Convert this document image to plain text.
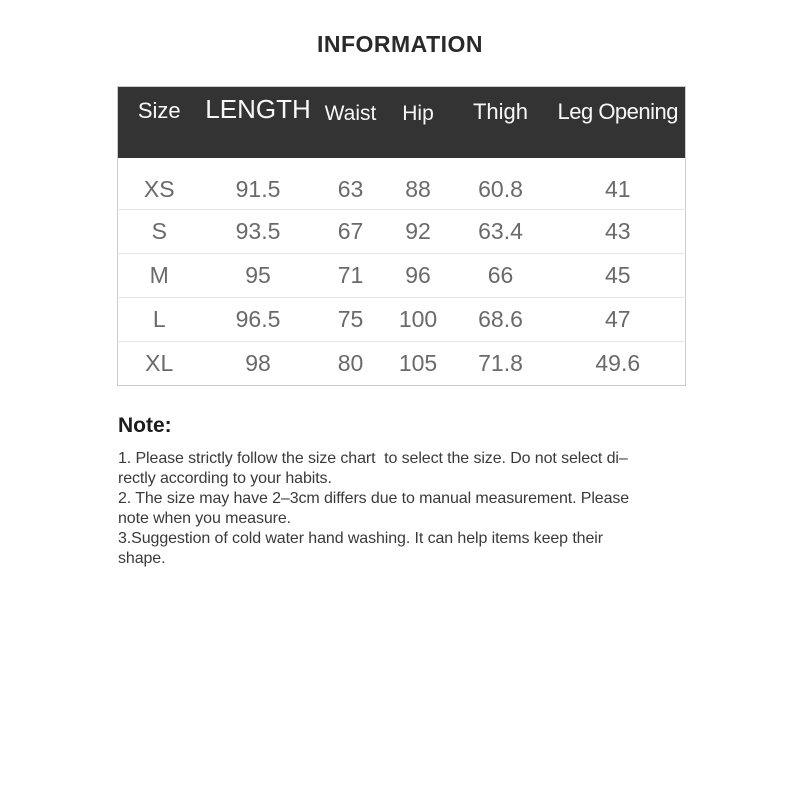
INFORMATION
Size	LENGTH	Waist	Hip	Thigh	Leg Opening
XS	91.5	63	88	60.8	41
S	93.5	67	92	63.4	43
M	95	71	96	66	45
L	96.5	75	100	68.6	47
XL	98	80	105	71.8	49.6
Note:
1. Please strictly follow the size chart  to select the size. Do not select di–
rectly according to your habits.
2. The size may have 2–3cm differs due to manual measurement. Please
note when you measure.
3.Suggestion of cold water hand washing. It can help items keep their
shape.
